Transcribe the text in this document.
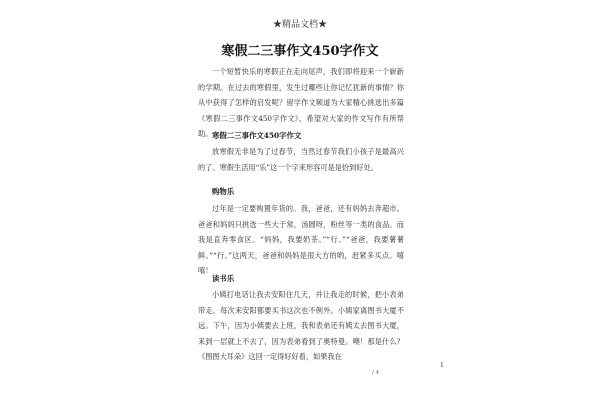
★精品文档★
寒假二三事作文450字作文

一个短暂快乐的寒假正在走向尾声，我们即将迎来一个崭新的学期。在过去的寒假里，发生过哪些让你记忆犹新的事情？你从中获得了怎样的启发呢？留学作文频道为大家精心挑选出多篇《寒假二三事作文450字作文》，希望对大家的作文写作有所帮助。 寒假二三事作文450字作文

放寒假无非是为了过春节，当然过春节我们小孩子是最高兴的了。寒假生活用“乐”这一个字来形容可是是恰到好处。

购物乐

过年是一定要购置年货的。我，爸爸，还有妈妈去奔超市。爸爸和妈妈只挑选一些大于常，汤圆呀，粉丝等一类的食品。而我是直奔零食区。“妈妈，我要奶茶。”“行。”“爸爸，我要薯薯鲜。”“行。”这两天，爸爸和妈妈是很大方的哟，赶紧多买点。嘻嘻！

读书乐

小姨打电话让我去安阳住几天，并让我走的时候，把小表弟带走。每次来安阳都要买书这次也不例外。小姨家离图书大厦不远。下午，因为小姨要去上班，我和表弟还有姨太去图书大厦，来到一层就上不去了，因为表弟看到了奥特曼。噢！那是什么？《图图大耳朵》这回一定得好好看，如果我在

1
/ 4
